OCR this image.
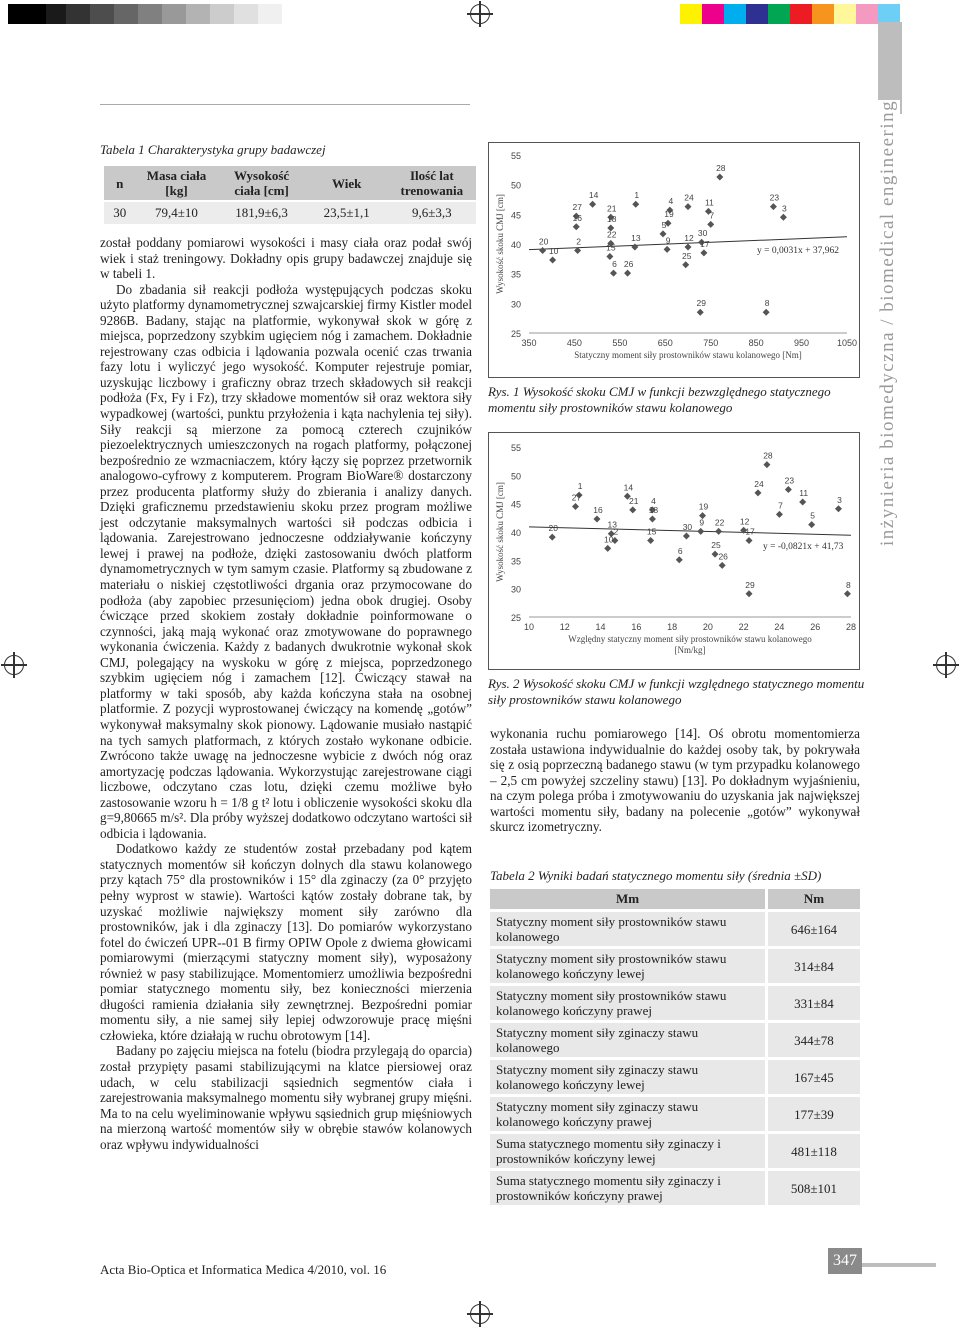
inżynieria biomedyczna / biomedical engineering
Tabela 1 Charakterystyka grupy badawczej
n	Masa ciała [kg]	Wysokość ciała [cm]	Wiek	Ilość lat trenowania
30	79,4±10	181,9±6,3	23,5±1,1	9,6±3,3

został poddany pomiarowi wysokości i masy ciała oraz podał swój wiek i staż treningowy. Dokładny opis grupy badawczej znajduje się w tabeli 1.

Do zbadania sił reakcji podłoża występujących podczas skoku użyto platformy dynamometrycznej szwajcarskiej firmy Kistler model 9286B. Badany, stając na platformie, wykonywał skok w górę z miejsca, poprzedzony szybkim ugięciem nóg i zamachem. Dokładnie rejestrowany czas odbicia i lądowania pozwala ocenić czas trwania fazy lotu i wyliczyć jego wysokość. Komputer rejestruje pomiar, uzyskując liczbowy i graficzny obraz trzech składowych sił reakcji podłoża (Fx, Fy i Fz), trzy składowe momentów sił oraz wektora siły wypadkowej (wartości, punktu przyłożenia i kąta nachylenia tej siły). Siły reakcji są mierzone za pomocą czterech czujników piezoelektrycznych umieszczonych na rogach platformy, połączonej bezpośrednio ze wzmacniaczem, który łączy się poprzez przetwornik analogowo-cyfrowy z komputerem. Program BioWare® dostarczony przez producenta platformy służy do zbierania i analizy danych. Dzięki graficznemu przedstawieniu skoku przez program możliwe jest odczytanie maksymalnych wartości sił podczas odbicia i lądowania. Zarejestrowano jednoczesne oddziaływanie kończyny lewej i prawej na podłoże, dzięki zastosowaniu dwóch platform dynamometrycznych w tym samym czasie. Platformy są zbudowane z materiału o niskiej częstotliwości drgania oraz przymocowane do podłoża (aby zapobiec przesunięciom) jedna obok drugiej. Osoby ćwiczące przed skokiem zostały dokładnie poinformowane o czynności, jaką mają wykonać oraz zmotywowane do poprawnego wykonania ćwiczenia. Każdy z badanych dwukrotnie wykonał skok CMJ, polegający na wyskoku w górę z miejsca, poprzedzonego szybkim ugięciem nóg i zamachem [12]. Ćwiczący stawał na platformy w taki sposób, aby każda kończyna stała na osobnej platformie. Z pozycji wyprostowanej ćwiczący na komendę „gotów” wykonywał maksymalny skok pionowy. Lądowanie musiało nastąpić na tych samych platformach, z których zostało wykonane odbicie. Zwrócono także uwagę na jednoczesne wybicie z dwóch nóg oraz amortyzację podczas lądowania. Wykorzystując zarejestrowane ciągi liczbowe, odczytano czas lotu, dzięki czemu możliwe było zastosowanie wzoru h = 1/8 g t² lotu i obliczenie wysokości skoku dla g=9,80665 m/s². Dla próby wyższej dodatkowo odczytano wartości sił odbicia i lądowania.

Dodatkowo każdy ze studentów został przebadany pod kątem statycznych momentów sił kończyn dolnych dla stawu kolanowego przy kątach 75° dla prostowników i 15° dla zginaczy (za 0° przyjęto pełny wyprost w stawie). Wartości kątów zostały dobrane tak, by uzyskać możliwie największy moment siły zarówno dla prostowników, jak i dla zginaczy [13]. Do pomiarów wykorzystano fotel do ćwiczeń UPR--01 B firmy OPIW Opole z dwiema głowicami pomiarowymi (mierzącymi statyczny moment siły), wyposażony również w pasy stabilizujące. Momentomierz umożliwia bezpośredni pomiar statycznego momentu siły, bez konieczności mierzenia długości ramienia działania siły zewnętrznej. Bezpośredni pomiar momentu siły, a nie samej siły lepiej odwzorowuje pracę mięśni człowieka, które działają w ruchu obrotowym [14].

Badany po zajęciu miejsca na fotelu (biodra przylegają do oparcia) został przypięty pasami stabilizującymi na klatce piersiowej oraz udach, w celu stabilizacji sąsiednich segmentów ciała i zarejestrowania maksymalnego momentu siły wybranej grupy mięśni. Ma to na celu wyeliminowanie wpływu sąsiednich grup mięśniowych na mierzoną wartość momentów siły w obrębie stawów kolanowych oraz wpływu indywidualności

25
30
35
40
45
50
55
350	450	550	650	750	850	950	1050
Wysokość skoku CMJ [cm]
Statyczny moment siły prostowników stawu kolanowego [Nm]
y = 0,0031x + 37,962
28
14	1
4 24	23
11
27	21	3
16	18	19	7
5
22 13	30
20	2	9 12
17
10	15
25
6 26
29	8
Rys. 1 Wysokość skoku CMJ w funkcji bezwzględnego statycznego momentu siły prostowników stawu kolanowego
25
30
35
40
45
50
55
10	12	14	16	18	20	22	24	26	28
Wysokość skoku CMJ [cm]
Względny statyczny moment siły prostowników stawu kolanowego [Nm/kg]
y = -0,0821x + 41,73
28
1	14	24 23
11
27	21 4	3
16	18	19	7
5
13	9 22 12
20	2	15	30	17
10
6
25
26
29	8
Rys. 2 Wysokość skoku CMJ w funkcji względnego statycznego momentu siły prostowników stawu kolanowego

wykonania ruchu pomiarowego [14]. Oś obrotu momentomierza została ustawiona indywidualnie do każdej osoby tak, by pokrywała się z osią poprzeczną badanego stawu (w tym przypadku kolanowego – 2,5 cm powyżej szczeliny stawu) [13]. Po dokładnym wyjaśnieniu, na czym polega próba i zmotywowaniu do uzyskania jak największej wartości momentu siły, badany na polecenie „gotów” wykonywał skurcz izometryczny.

Tabela 2 Wyniki badań statycznego momentu siły (średnia ±SD)
Mm	Nm
Statyczny moment siły prostowników stawu kolanowego	646±164
Statyczny moment siły prostowników stawu kolanowego kończyny lewej	314±84
Statyczny moment siły prostowników stawu kolanowego kończyny prawej	331±84
Statyczny moment siły zginaczy stawu kolanowego	344±78
Statyczny moment siły zginaczy stawu kolanowego kończyny lewej	167±45
Statyczny moment siły zginaczy stawu kolanowego kończyny prawej	177±39
Suma statycznego momentu siły zginaczy i prostowników kończyny lewej	481±118
Suma statycznego momentu siły zginaczy i prostowników kończyny prawej	508±101
Acta Bio-Optica et Informatica Medica 4/2010, vol. 16
347
